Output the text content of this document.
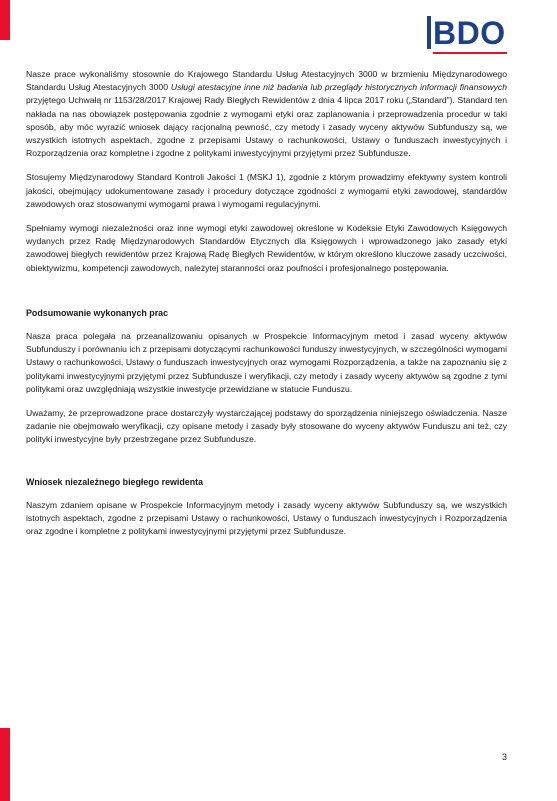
BDO

Nasze prace wykonaliśmy stosownie do Krajowego Standardu Usług Atestacyjnych 3000 w brzmieniu Międzynarodowego Standardu Usług Atestacyjnych 3000 Usługi atestacyjne inne niż badania lub przeglądy historycznych informacji finansowych przyjętego Uchwałą nr 1153/28/2017 Krajowej Rady Biegłych Rewidentów z dnia 4 lipca 2017 roku („Standard"). Standard ten nakłada na nas obowiązek postępowania zgodnie z wymogami etyki oraz zaplanowania i przeprowadzenia procedur w taki sposób, aby móc wyrazić wniosek dający racjonalną pewność, czy metody i zasady wyceny aktywów Subfunduszy są, we wszystkich istotnych aspektach, zgodne z przepisami Ustawy o rachunkowości, Ustawy o funduszach inwestycyjnych i Rozporządzenia oraz kompletne i zgodne z politykami inwestycyjnymi przyjętymi przez Subfundusze.

Stosujemy Międzynarodowy Standard Kontroli Jakości 1 (MSKJ 1), zgodnie z którym prowadzimy efektywny system kontroli jakości, obejmujący udokumentowane zasady i procedury dotyczące zgodności z wymogami etyki zawodowej, standardów zawodowych oraz stosowanymi wymogami prawa i wymogami regulacyjnymi.

Spełniamy wymogi niezależności oraz inne wymogi etyki zawodowej określone w Kodeksie Etyki Zawodowych Księgowych wydanych przez Radę Międzynarodowych Standardów Etycznych dla Księgowych i wprowadzonego jako zasady etyki zawodowej biegłych rewidentów przez Krajową Radę Biegłych Rewidentów, w którym określono kluczowe zasady uczciwości, obiektywizmu, kompetencji zawodowych, należytej staranności oraz poufności i profesjonalnego postępowania.

Podsumowanie wykonanych prac

Nasza praca polegała na przeanalizowaniu opisanych w Prospekcie Informacyjnym metod i zasad wyceny aktywów Subfunduszy i porównaniu ich z przepisami dotyczącymi rachunkowości funduszy inwestycyjnych, w szczególności wymogami Ustawy o rachunkowości, Ustawy o funduszach inwestycyjnych oraz wymogami Rozporządzenia, a także na zapoznaniu się z politykami inwestycyjnymi przyjętymi przez Subfundusze i weryfikacji, czy metody i zasady wyceny aktywów są zgodne z tymi politykami oraz uwzględniają wszystkie inwestycje przewidziane w statucie Funduszu.

Uważamy, że przeprowadzone prace dostarczyły wystarczającej podstawy do sporządzenia niniejszego oświadczenia. Nasze zadanie nie obejmowało weryfikacji, czy opisane metody i zasady były stosowane do wyceny aktywów Funduszu ani też, czy polityki inwestycyjne były przestrzegane przez Subfundusze.

Wniosek niezależnego biegłego rewidenta

Naszym zdaniem opisane w Prospekcie Informacyjnym metody i zasady wyceny aktywów Subfunduszy są, we wszystkich istotnych aspektach, zgodne z przepisami Ustawy o rachunkowości, Ustawy o funduszach inwestycyjnych i Rozporządzenia oraz zgodne i kompletne z politykami inwestycyjnymi przyjętymi przez Subfundusze.

3
